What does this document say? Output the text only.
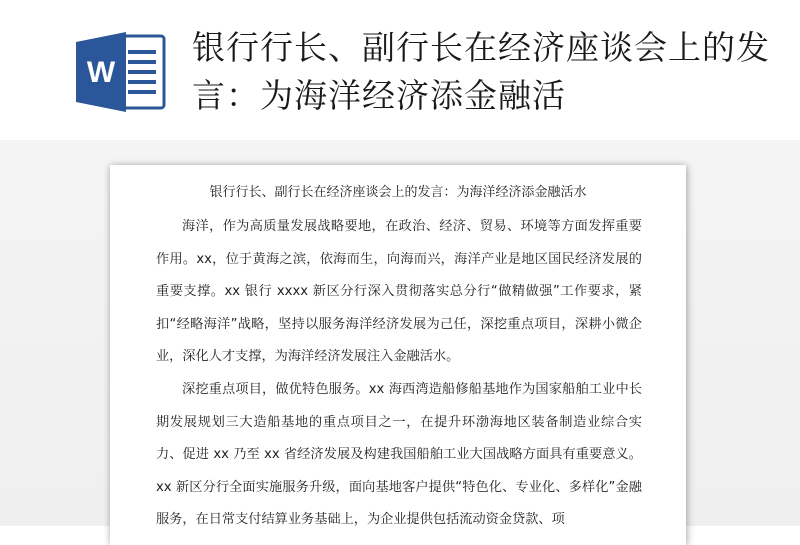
W
银行行长、副行长在经济座谈会上的发言：为海洋经济添金融活
银行行长、副行长在经济座谈会上的发言：为海洋经济添金融活水

海洋，作为高质量发展战略要地，在政治、经济、贸易、环境等方面发挥重要作用。xx，位于黄海之滨，依海而生，向海而兴，海洋产业是地区国民经济发展的重要支撑。xx 银行 xxxx 新区分行深入贯彻落实总分行“做精做强”工作要求，紧扣“经略海洋”战略，坚持以服务海洋经济发展为己任，深挖重点项目，深耕小微企业，深化人才支撑，为海洋经济发展注入金融活水。

深挖重点项目，做优特色服务。xx 海西湾造船修船基地作为国家船舶工业中长期发展规划三大造船基地的重点项目之一，在提升环渤海地区装备制造业综合实力、促进 xx 乃至 xx 省经济发展及构建我国船舶工业大国战略方面具有重要意义。xx 新区分行全面实施服务升级，面向基地客户提供“特色化、专业化、多样化”金融服务，在日常支付结算业务基础上，为企业提供包括流动资金贷款、项
